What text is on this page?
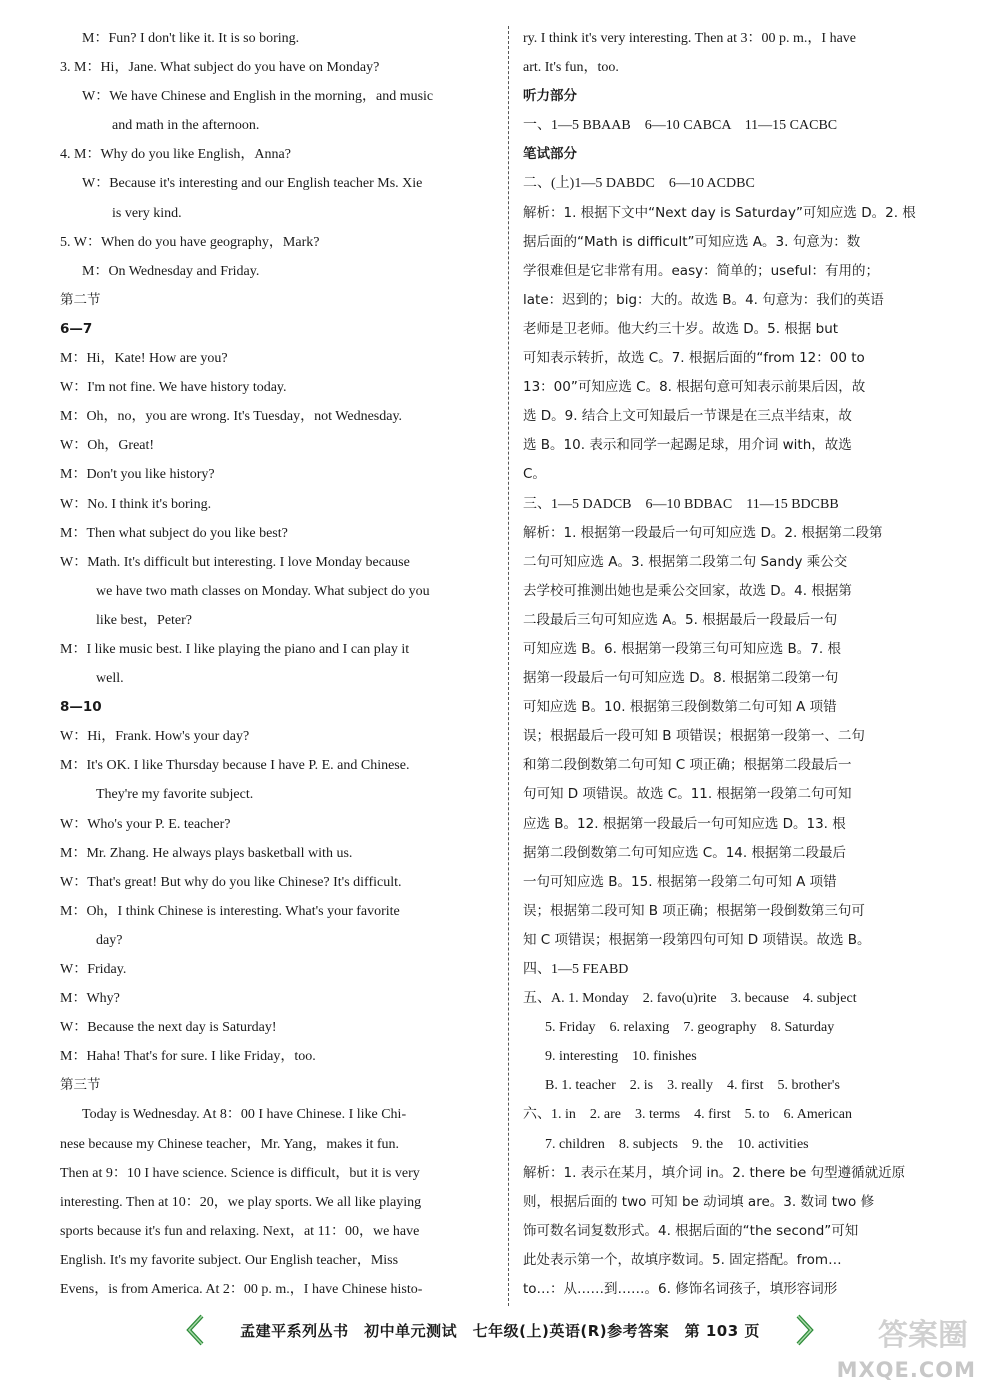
M：Fun? I don't like it. It is so boring.
3. M：Hi，Jane. What subject do you have on Monday?
W：We have Chinese and English in the morning，and music
and math in the afternoon.
4. M：Why do you like English，Anna?
W：Because it's interesting and our English teacher Ms. Xie
is very kind.
5. W：When do you have geography，Mark?
M：On Wednesday and Friday.
第二节
6—7
M：Hi，Kate! How are you?
W：I'm not fine. We have history today.
M：Oh，no，you are wrong. It's Tuesday，not Wednesday.
W：Oh，Great!
M：Don't you like history?
W：No. I think it's boring.
M：Then what subject do you like best?
W：Math. It's difficult but interesting. I love Monday because
we have two math classes on Monday. What subject do you
like best，Peter?
M：I like music best. I like playing the piano and I can play it
well.
8—10
W：Hi，Frank. How's your day?
M：It's OK. I like Thursday because I have P. E. and Chinese.
They're my favorite subject.
W：Who's your P. E. teacher?
M：Mr. Zhang. He always plays basketball with us.
W：That's great! But why do you like Chinese? It's difficult.
M：Oh，I think Chinese is interesting. What's your favorite
day?
W：Friday.
M：Why?
W：Because the next day is Saturday!
M：Haha! That's for sure. I like Friday，too.
第三节
Today is Wednesday. At 8：00 I have Chinese. I like Chi-
nese because my Chinese teacher，Mr. Yang，makes it fun.
Then at 9：10 I have science. Science is difficult，but it is very
interesting. Then at 10：20，we play sports. We all like playing
sports because it's fun and relaxing. Next，at 11：00，we have
English. It's my favorite subject. Our English teacher，Miss
Evens，is from America. At 2：00 p. m.，I have Chinese histo-
ry. I think it's very interesting. Then at 3：00 p. m.，I have
art. It's fun，too.
听力部分
一、1—5 BBAAB　6—10 CABCA　11—15 CACBC
笔试部分
二、(上)1—5 DABDC　6—10 ACDBC
解析：1. 根据下文中“Next day is Saturday”可知应选 D。2. 根
据后面的“Math is difficult”可知应选 A。3. 句意为：数
学很难但是它非常有用。easy：简单的；useful：有用的；
late：迟到的；big：大的。故选 B。4. 句意为：我们的英语
老师是卫老师。他大约三十岁。故选 D。5. 根据 but
可知表示转折，故选 C。7. 根据后面的“from 12：00 to
13：00”可知应选 C。8. 根据句意可知表示前果后因，故
选 D。9. 结合上文可知最后一节课是在三点半结束，故
选 B。10. 表示和同学一起踢足球，用介词 with，故选
C。
三、1—5 DADCB　6—10 BDBAC　11—15 BDCBB
解析：1. 根据第一段最后一句可知应选 D。2. 根据第二段第
二句可知应选 A。3. 根据第二段第二句 Sandy 乘公交
去学校可推测出她也是乘公交回家，故选 D。4. 根据第
二段最后三句可知应选 A。5. 根据最后一段最后一句
可知应选 B。6. 根据第一段第三句可知应选 B。7. 根
据第一段最后一句可知应选 D。8. 根据第二段第一句
可知应选 B。10. 根据第三段倒数第二句可知 A 项错
误；根据最后一段可知 B 项错误；根据第一段第一、二句
和第二段倒数第二句可知 C 项正确；根据第二段最后一
句可知 D 项错误。故选 C。11. 根据第一段第二句可知
应选 B。12. 根据第一段最后一句可知应选 D。13. 根
据第二段倒数第二句可知应选 C。14. 根据第二段最后
一句可知应选 B。15. 根据第一段第二句可知 A 项错
误；根据第二段可知 B 项正确；根据第一段倒数第三句可
知 C 项错误；根据第一段第四句可知 D 项错误。故选 B。
四、1—5 FEABD
五、A. 1. Monday　2. favo(u)rite　3. because　4. subject
5. Friday　6. relaxing　7. geography　8. Saturday
9. interesting　10. finishes
B. 1. teacher　2. is　3. really　4. first　5. brother's
六、1. in　2. are　3. terms　4. first　5. to　6. American
7. children　8. subjects　9. the　10. activities
解析：1. 表示在某月，填介词 in。2. there be 句型遵循就近原
则，根据后面的 two 可知 be 动词填 are。3. 数词 two 修
饰可数名词复数形式。4. 根据后面的“the second”可知
此处表示第一个，故填序数词。5. 固定搭配。from…
to…：从……到……。6. 修饰名词孩子，填形容词形
孟建平系列丛书　初中单元测试　七年级(上)英语(R)参考答案　第 103 页	答案圈
MXQE.COM
